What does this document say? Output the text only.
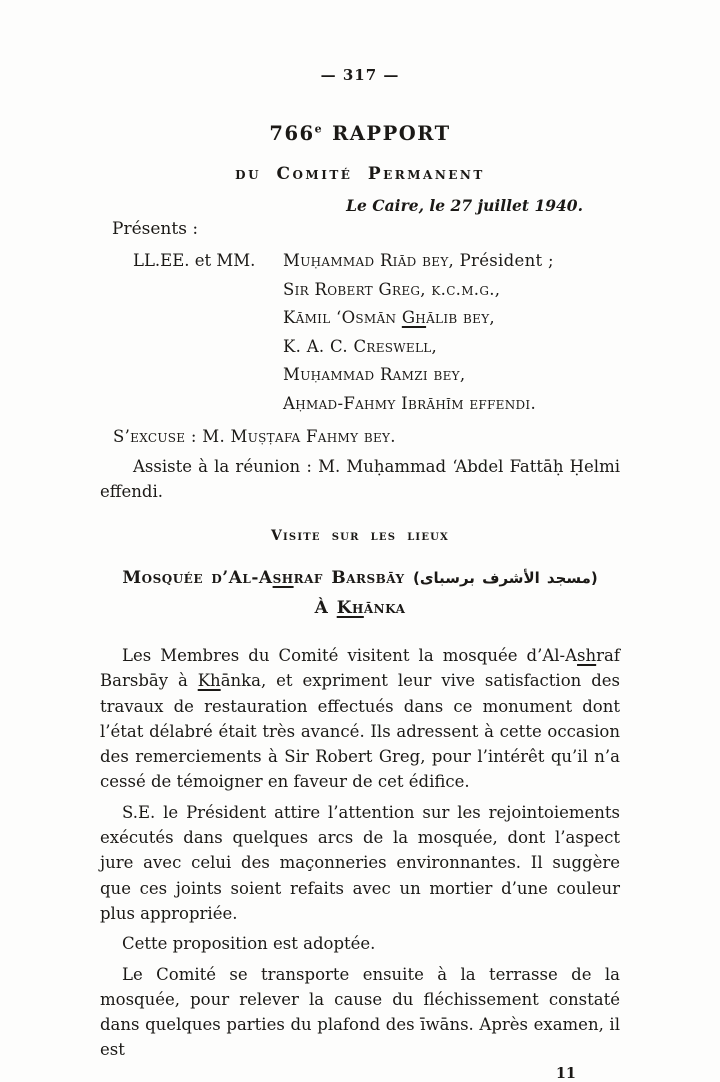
— 317 —
766e RAPPORT
du Comité Permanent
Le Caire, le 27 juillet 1940.
Présents :
LL.EE. et MM.	Muḥammad Riād bey, Président ;
Sir Robert Greg, k.c.m.g.,
Kāmil ‘Osmān Ghālib bey,
K. A. C. Creswell,
Muḥammad Ramzi bey,
Aḥmad-Fahmy Ibrāhīm effendi.
S’excuse : M. Muṣṭafa Fahmy bey.

Assiste à la réunion : M. Muḥammad ‘Abdel Fattāḥ Ḥelmi effendi.

Visite sur les lieux
Mosquée d’Al-Ashraf Barsbāy (مسجد الأشرف برسباى)
À Khānka

Les Membres du Comité visitent la mosquée d’Al-Ashraf Barsbāy à Khānka, et expriment leur vive satisfaction des travaux de restauration effectués dans ce monument dont l’état délabré était très avancé. Ils adressent à cette occasion des remerciements à Sir Robert Greg, pour l’intérêt qu’il n’a cessé de témoigner en faveur de cet édifice.

S.E. le Président attire l’attention sur les rejointoiements exécutés dans quelques arcs de la mosquée, dont l’aspect jure avec celui des maçonneries environnantes. Il suggère que ces joints soient refaits avec un mortier d’une couleur plus appropriée.

Cette proposition est adoptée.

Le Comité se transporte ensuite à la terrasse de la mosquée, pour relever la cause du fléchissement constaté dans quelques parties du plafond des īwāns. Après examen, il est

11
